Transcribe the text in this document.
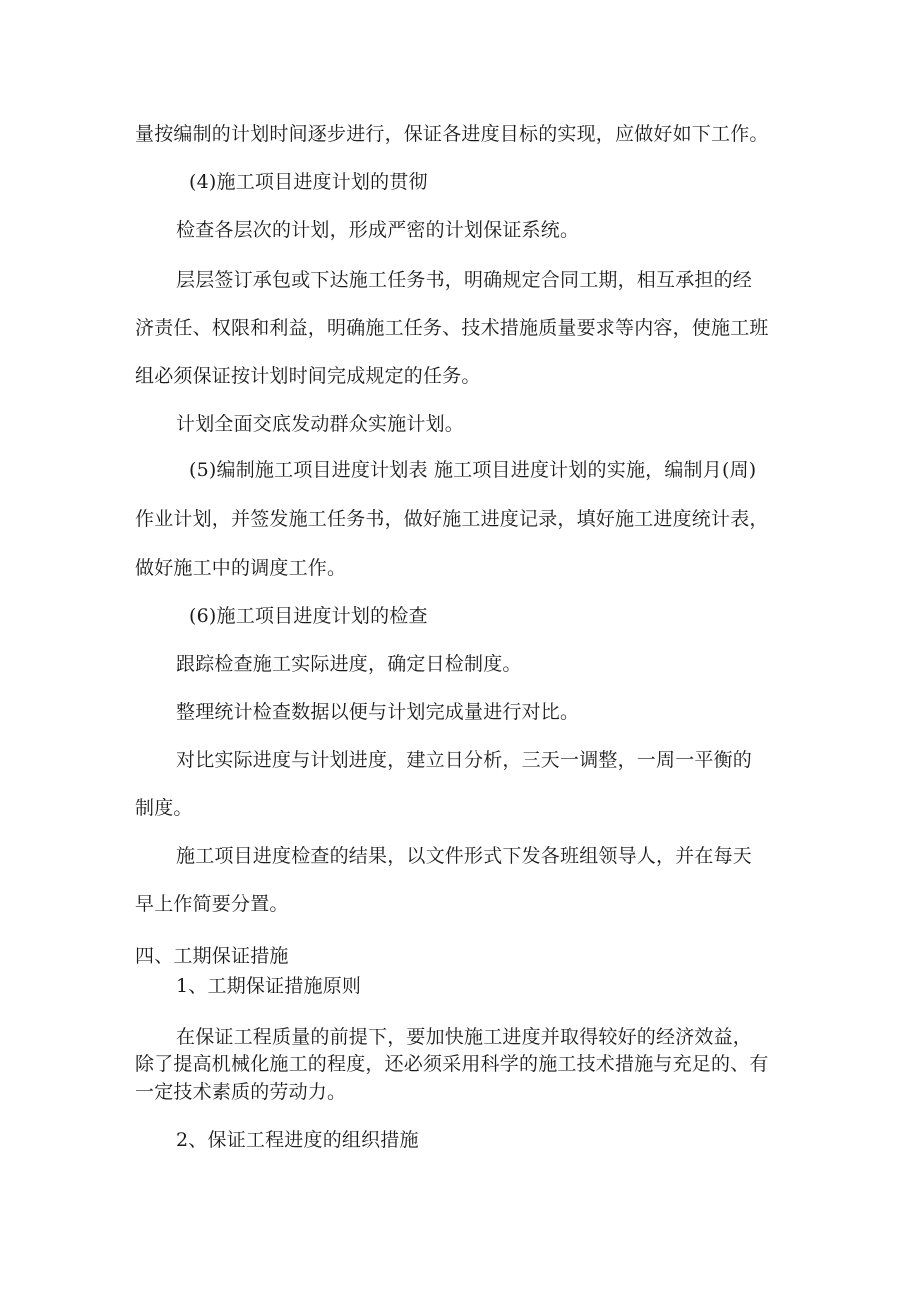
量按编制的计划时间逐步进行，保证各进度目标的实现，应做好如下工作。
(4)施工项目进度计划的贯彻
检查各层次的计划，形成严密的计划保证系统。
层层签订承包或下达施工任务书，明确规定合同工期，相互承担的经
济责任、权限和利益，明确施工任务、技术措施质量要求等内容，使施工班
组必须保证按计划时间完成规定的任务。
计划全面交底发动群众实施计划。
(5)编制施工项目进度计划表 施工项目进度计划的实施，编制月(周)
作业计划，并签发施工任务书，做好施工进度记录，填好施工进度统计表，
做好施工中的调度工作。
(6)施工项目进度计划的检查
跟踪检查施工实际进度，确定日检制度。
整理统计检查数据以便与计划完成量进行对比。
对比实际进度与计划进度，建立日分析，三天一调整，一周一平衡的
制度。
施工项目进度检查的结果，以文件形式下发各班组领导人，并在每天
早上作简要分置。
四、工期保证措施
1、工期保证措施原则
在保证工程质量的前提下，要加快施工进度并取得较好的经济效益，
除了提高机械化施工的程度，还必须采用科学的施工技术措施与充足的、有
一定技术素质的劳动力。
2、保证工程进度的组织措施
